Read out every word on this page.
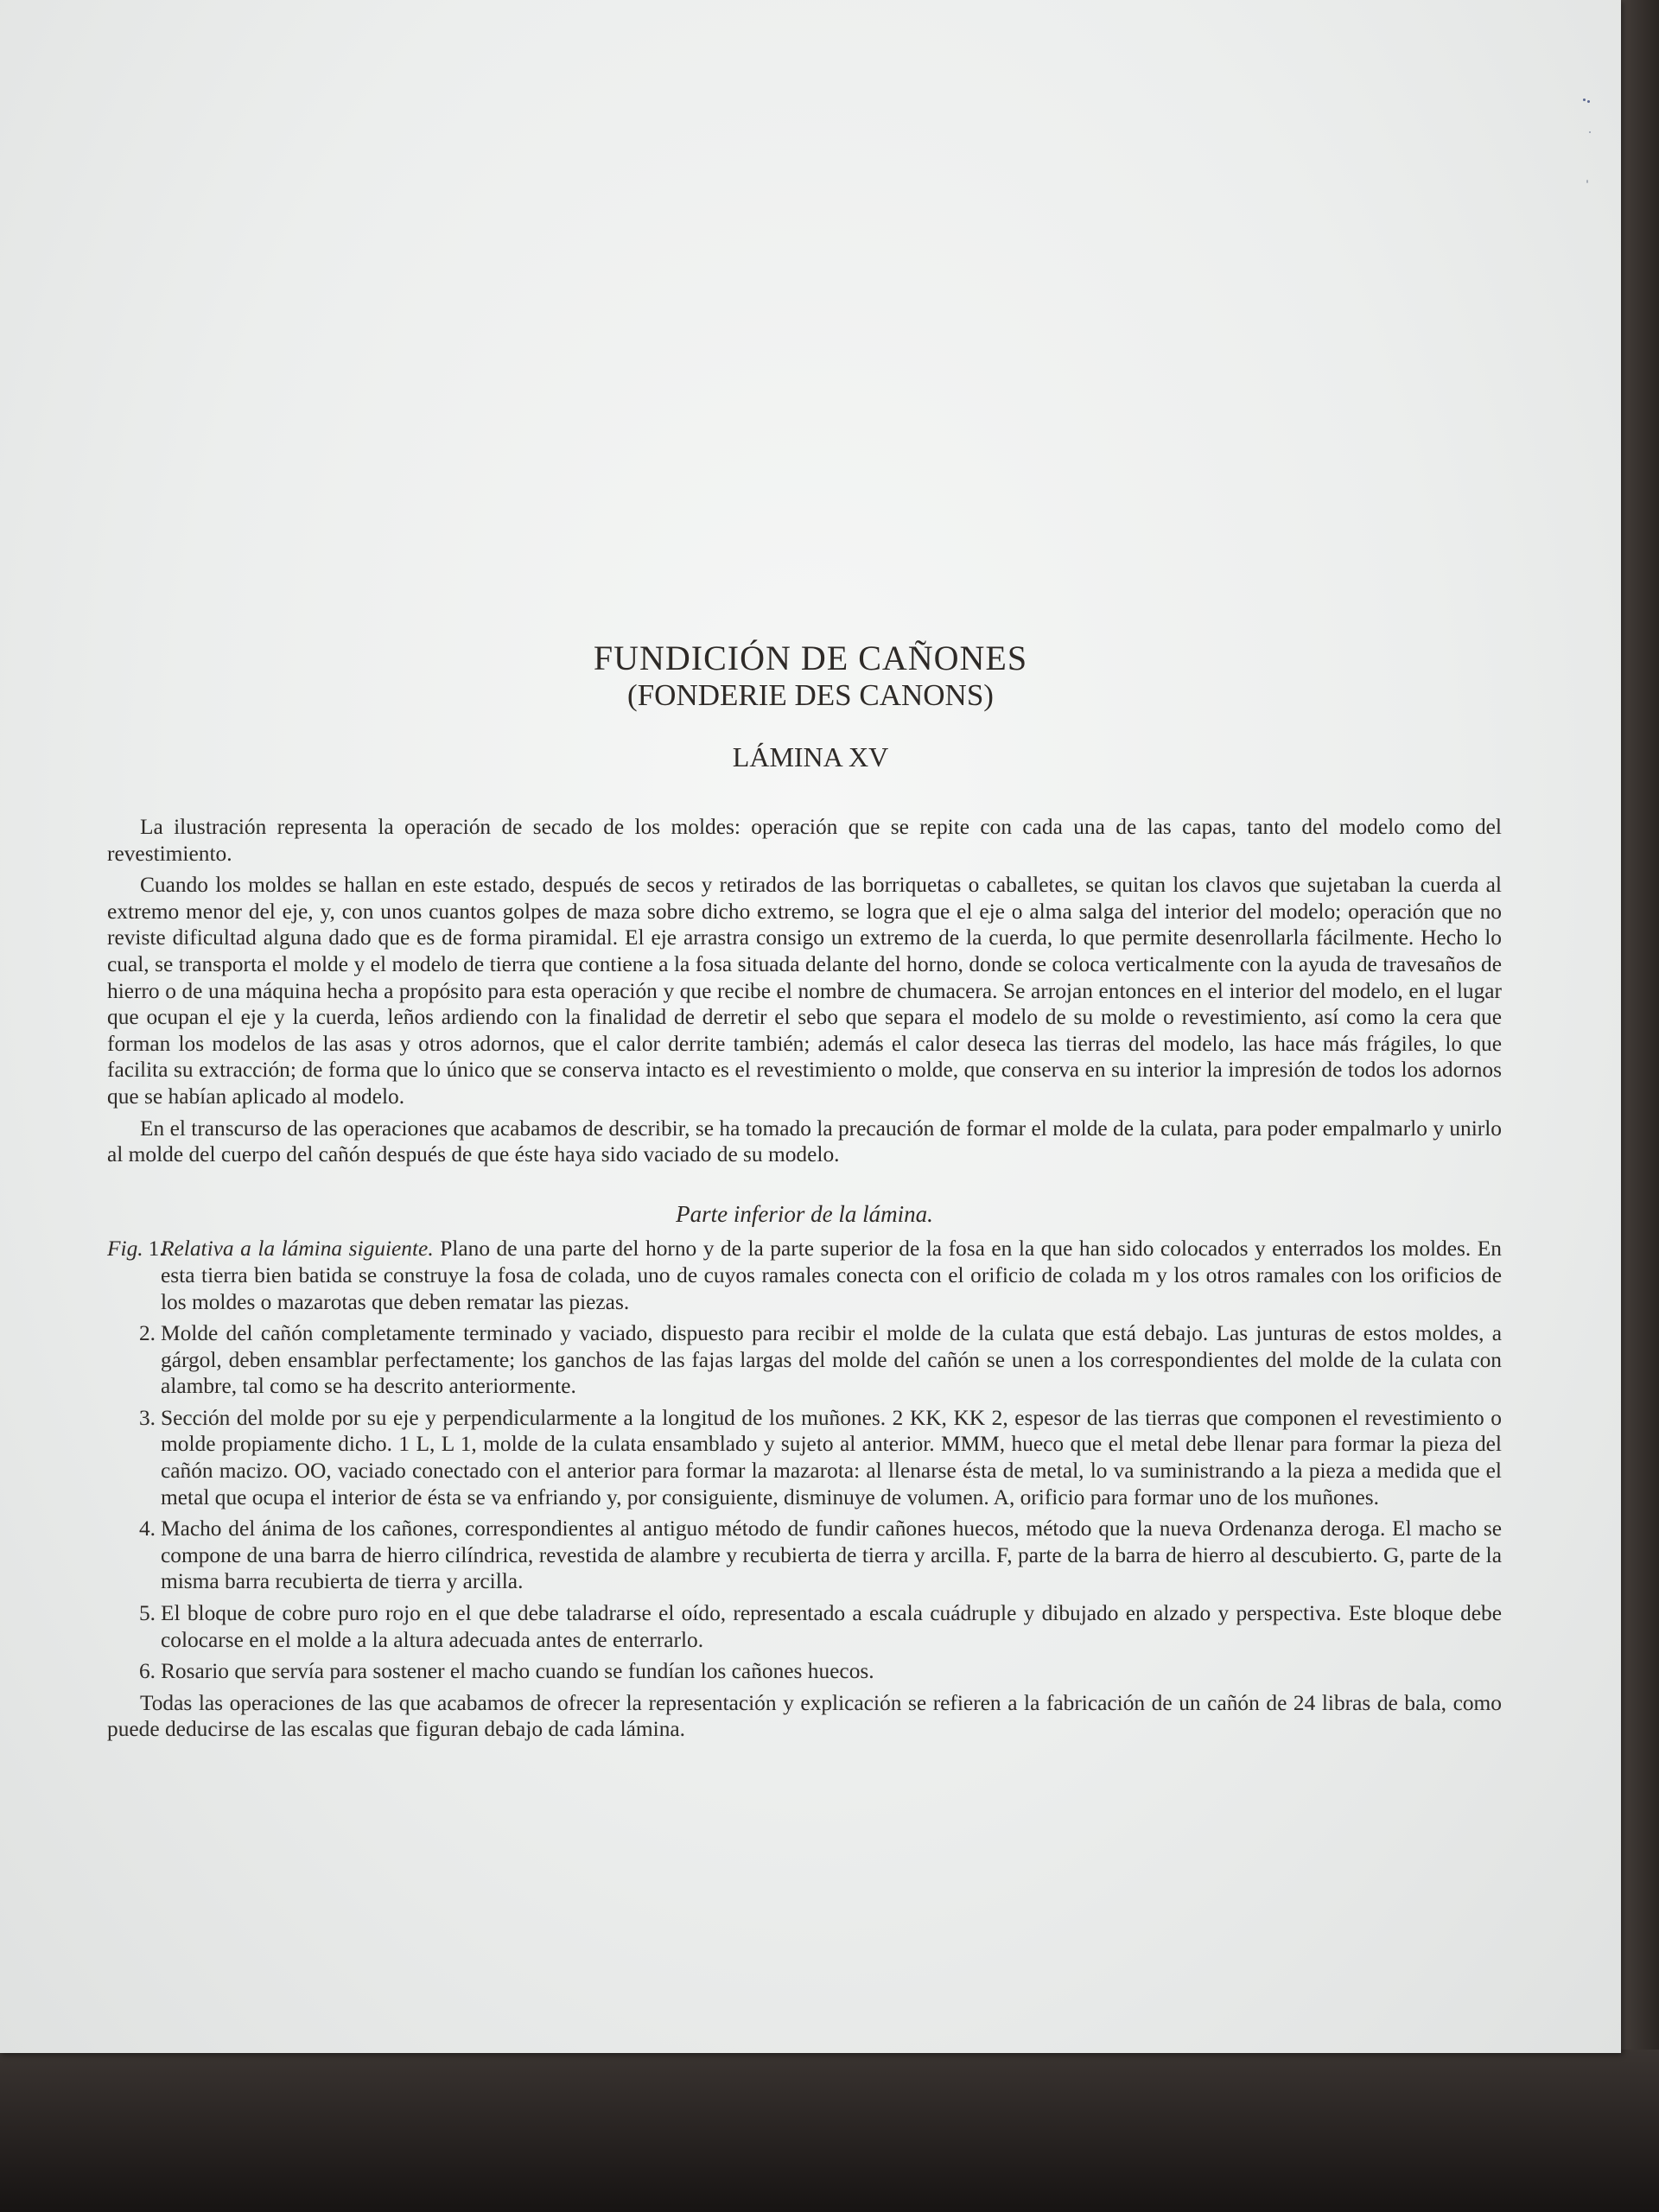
FUNDICIÓN DE CAÑONES
(FONDERIE DES CANONS)
LÁMINA XV

La ilustración representa la operación de secado de los moldes: operación que se repite con cada una de las capas, tanto del modelo como del revestimiento.

Cuando los moldes se hallan en este estado, después de secos y retirados de las borriquetas o caballetes, se quitan los clavos que sujetaban la cuerda al extremo menor del eje, y, con unos cuantos golpes de maza sobre dicho extremo, se logra que el eje o alma salga del interior del modelo; operación que no reviste dificultad alguna dado que es de forma piramidal. El eje arrastra consigo un extremo de la cuerda, lo que permite desenrollarla fácilmente. Hecho lo cual, se transporta el molde y el modelo de tierra que contiene a la fosa situada delante del horno, donde se coloca verticalmente con la ayuda de travesaños de hierro o de una máquina hecha a propósito para esta operación y que recibe el nombre de chumacera. Se arrojan entonces en el interior del modelo, en el lugar que ocupan el eje y la cuerda, leños ardiendo con la finalidad de derretir el sebo que separa el modelo de su molde o revestimiento, así como la cera que forman los modelos de las asas y otros adornos, que el calor derrite también; además el calor deseca las tierras del modelo, las hace más frágiles, lo que facilita su extracción; de forma que lo único que se conserva intacto es el revestimiento o molde, que conserva en su interior la impresión de todos los adornos que se habían aplicado al modelo.

En el transcurso de las operaciones que acabamos de describir, se ha tomado la precaución de formar el molde de la culata, para poder empalmarlo y unirlo al molde del cuerpo del cañón después de que éste haya sido vaciado de su modelo.

Parte inferior de la lámina.
Fig. 1.
Relativa a la lámina siguiente. Plano de una parte del horno y de la parte superior de la fosa en la que han sido colocados y enterrados los moldes. En esta tierra bien batida se construye la fosa de colada, uno de cuyos ramales conecta con el orificio de colada m y los otros ramales con los orificios de los moldes o mazarotas que deben rematar las piezas.
2. Molde del cañón completamente terminado y vaciado, dispuesto para recibir el molde de la culata que está debajo. Las junturas de estos moldes, a gárgol, deben ensamblar perfectamente; los ganchos de las fajas largas del molde del cañón se unen a los correspondientes del molde de la culata con alambre, tal como se ha descrito anteriormente.
3. Sección del molde por su eje y perpendicularmente a la longitud de los muñones. 2 KK, KK 2, espesor de las tierras que componen el revestimiento o molde propiamente dicho. 1 L, L 1, molde de la culata ensamblado y sujeto al anterior. MMM, hueco que el metal debe llenar para formar la pieza del cañón macizo. OO, vaciado conectado con el anterior para formar la mazarota: al llenarse ésta de metal, lo va suministrando a la pieza a medida que el metal que ocupa el interior de ésta se va enfriando y, por consiguiente, disminuye de volumen. A, orificio para formar uno de los muñones.
4. Macho del ánima de los cañones, correspondientes al antiguo método de fundir cañones huecos, método que la nueva Ordenanza deroga. El macho se compone de una barra de hierro cilíndrica, revestida de alambre y recubierta de tierra y arcilla. F, parte de la barra de hierro al descubierto. G, parte de la misma barra recubierta de tierra y arcilla.
5. El bloque de cobre puro rojo en el que debe taladrarse el oído, representado a escala cuádruple y dibujado en alzado y perspectiva. Este bloque debe colocarse en el molde a la altura adecuada antes de enterrarlo.
6. Rosario que servía para sostener el macho cuando se fundían los cañones huecos.

Todas las operaciones de las que acabamos de ofrecer la representación y explicación se refieren a la fabricación de un cañón de 24 libras de bala, como puede deducirse de las escalas que figuran debajo de cada lámina.
